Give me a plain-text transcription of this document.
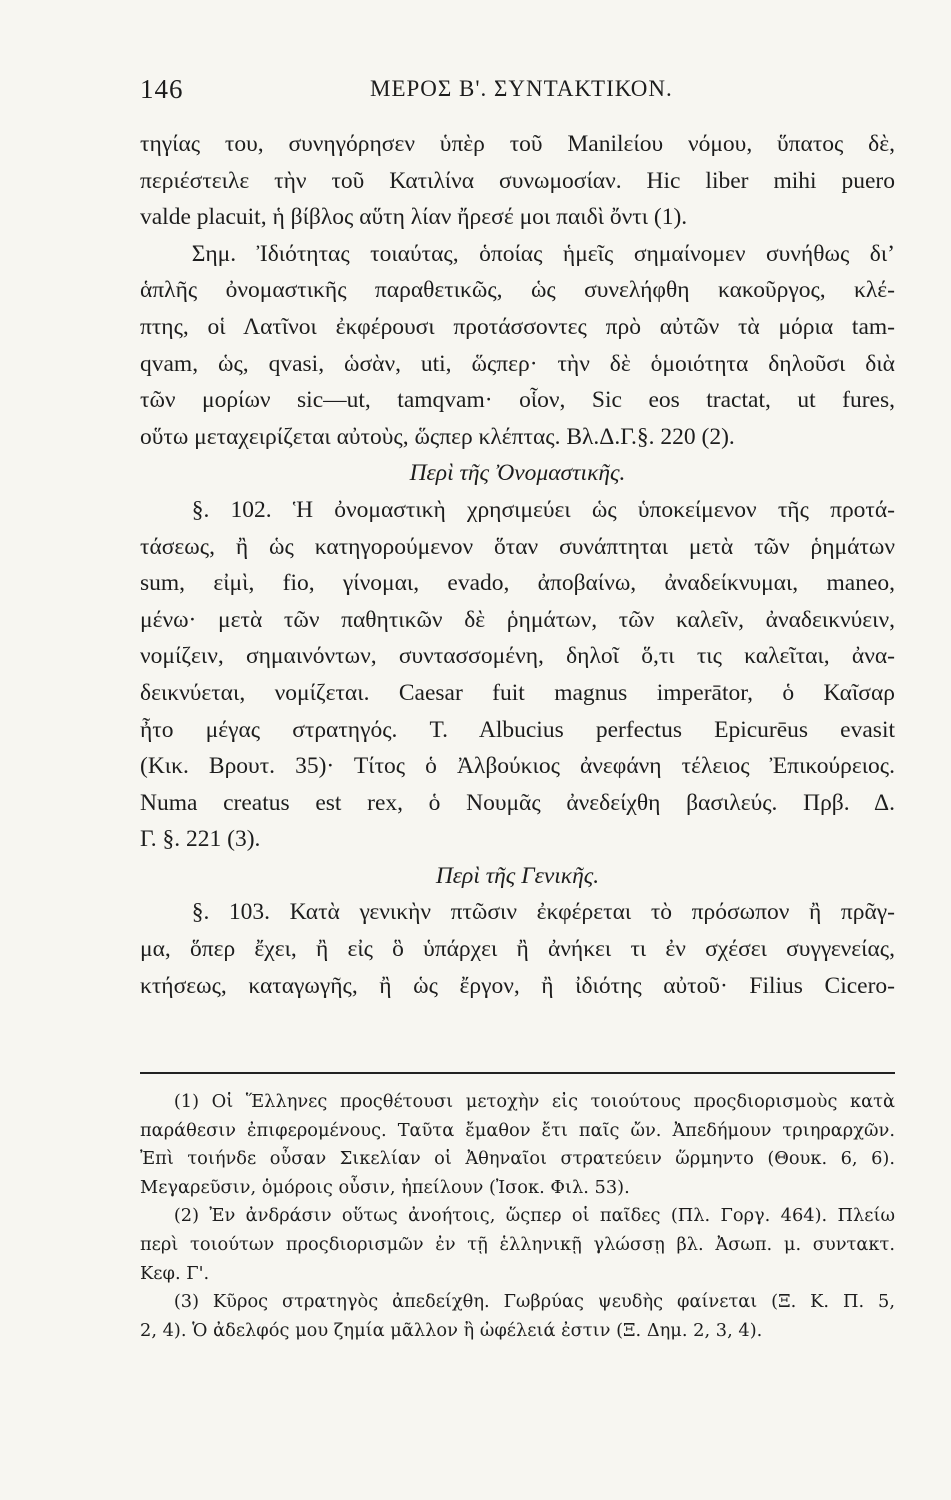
146	ΜΕΡΟΣ Β'. ΣΥΝΤΑΚΤΙΚΟΝ.
τηγίας του, συνηγόρησεν ὑπὲρ τοῦ Manilείου νόμου, ὕπατος δὲ,
περιέστειλε τὴν τοῦ Κατιλίνα συνωμοσίαν. Hic liber mihi puero
valde placuit, ἡ βίβλος αὕτη λίαν ἤρεσέ μοι παιδὶ ὄντι (1).
Σημ. Ἰδιότητας τοιαύτας, ὁποίας ἡμεῖς σημαίνομεν συνήθως δι’
ἁπλῆς ὀνομαστικῆς παραθετικῶς, ὡς συνελήφθη κακοῦργος, κλέ-
πτης, οἱ Λατῖνοι ἐκφέρουσι προτάσσοντες πρὸ αὐτῶν τὰ μόρια tam-
qvam, ὡς, qvasi, ὡσὰν, uti, ὥςπερ· τὴν δὲ ὁμοιότητα δηλοῦσι διὰ
τῶν μορίων sic—ut, tamqvam· οἷον, Sic eos tractat, ut fures,
οὕτω μεταχειρίζεται αὐτοὺς, ὥςπερ κλέπτας. Βλ.Δ.Γ.§. 220 (2).
Περὶ τῆς Ὀνομαστικῆς.
§. 102. Ἡ ὀνομαστικὴ χρησιμεύει ὡς ὑποκείμενον τῆς προτά-
τάσεως, ἢ ὡς κατηγορούμενον ὅταν συνάπτηται μετὰ τῶν ῥημάτων
sum, εἰμὶ, fio, γίνομαι, evado, ἀποβαίνω, ἀναδείκνυμαι, maneo,
μένω· μετὰ τῶν παθητικῶν δὲ ῥημάτων, τῶν καλεῖν, ἀναδεικνύειν,
νομίζειν, σημαινόντων, συντασσομένη, δηλοῖ ὅ,τι τις καλεῖται, ἀνα-
δεικνύεται, νομίζεται. Caesar fuit magnus imperātor, ὁ Καῖσαρ
ἦτο μέγας στρατηγός. T. Albucius perfectus Epicurēus evasit
(Κικ. Βρουτ. 35)· Τίτος ὁ Ἀλβούκιος ἀνεφάνη τέλειος Ἐπικούρειος.
Numa creatus est rex, ὁ Νουμᾶς ἀνεδείχθη βασιλεύς. Πρβ. Δ.
Γ. §. 221 (3).
Περὶ τῆς Γενικῆς.
§. 103. Κατὰ γενικὴν πτῶσιν ἐκφέρεται τὸ πρόσωπον ἢ πρᾶγ-
μα, ὅπερ ἔχει, ἢ εἰς ὃ ὑπάρχει ἢ ἀνήκει τι ἐν σχέσει συγγενείας,
κτήσεως, καταγωγῆς, ἢ ὡς ἔργον, ἢ ἰδιότης αὐτοῦ· Filius Cicero-
(1) Οἱ Ἕλληνες προςθέτουσι μετοχὴν εἰς τοιούτους προςδιορισμοὺς κατὰ
παράθεσιν ἐπιφερομένους. Ταῦτα ἔμαθον ἔτι παῖς ὤν. Ἀπεδήμουν τριηραρχῶν.
Ἐπὶ τοιήνδε οὖσαν Σικελίαν οἱ Ἀθηναῖοι στρατεύειν ὥρμηντο (Θουκ. 6, 6).
Μεγαρεῦσιν, ὁμόροις οὖσιν, ἠπείλουν (Ἰσοκ. Φιλ. 53).
(2) Ἐν ἀνδράσιν οὕτως ἀνοήτοις, ὥςπερ οἱ παῖδες (Πλ. Γοργ. 464). Πλείω
περὶ τοιούτων προςδιορισμῶν ἐν τῇ ἑλληνικῇ γλώσσῃ βλ. Ἀσωπ. μ. συντακτ.
Κεφ. Γ'.
(3) Κῦρος στρατηγὸς ἀπεδείχθη. Γωβρύας ψευδὴς φαίνεται (Ξ. Κ. Π. 5,
2, 4). Ὁ ἀδελφός μου ζημία μᾶλλον ἢ ὠφέλειά ἐστιν (Ξ. Δημ. 2, 3, 4).
